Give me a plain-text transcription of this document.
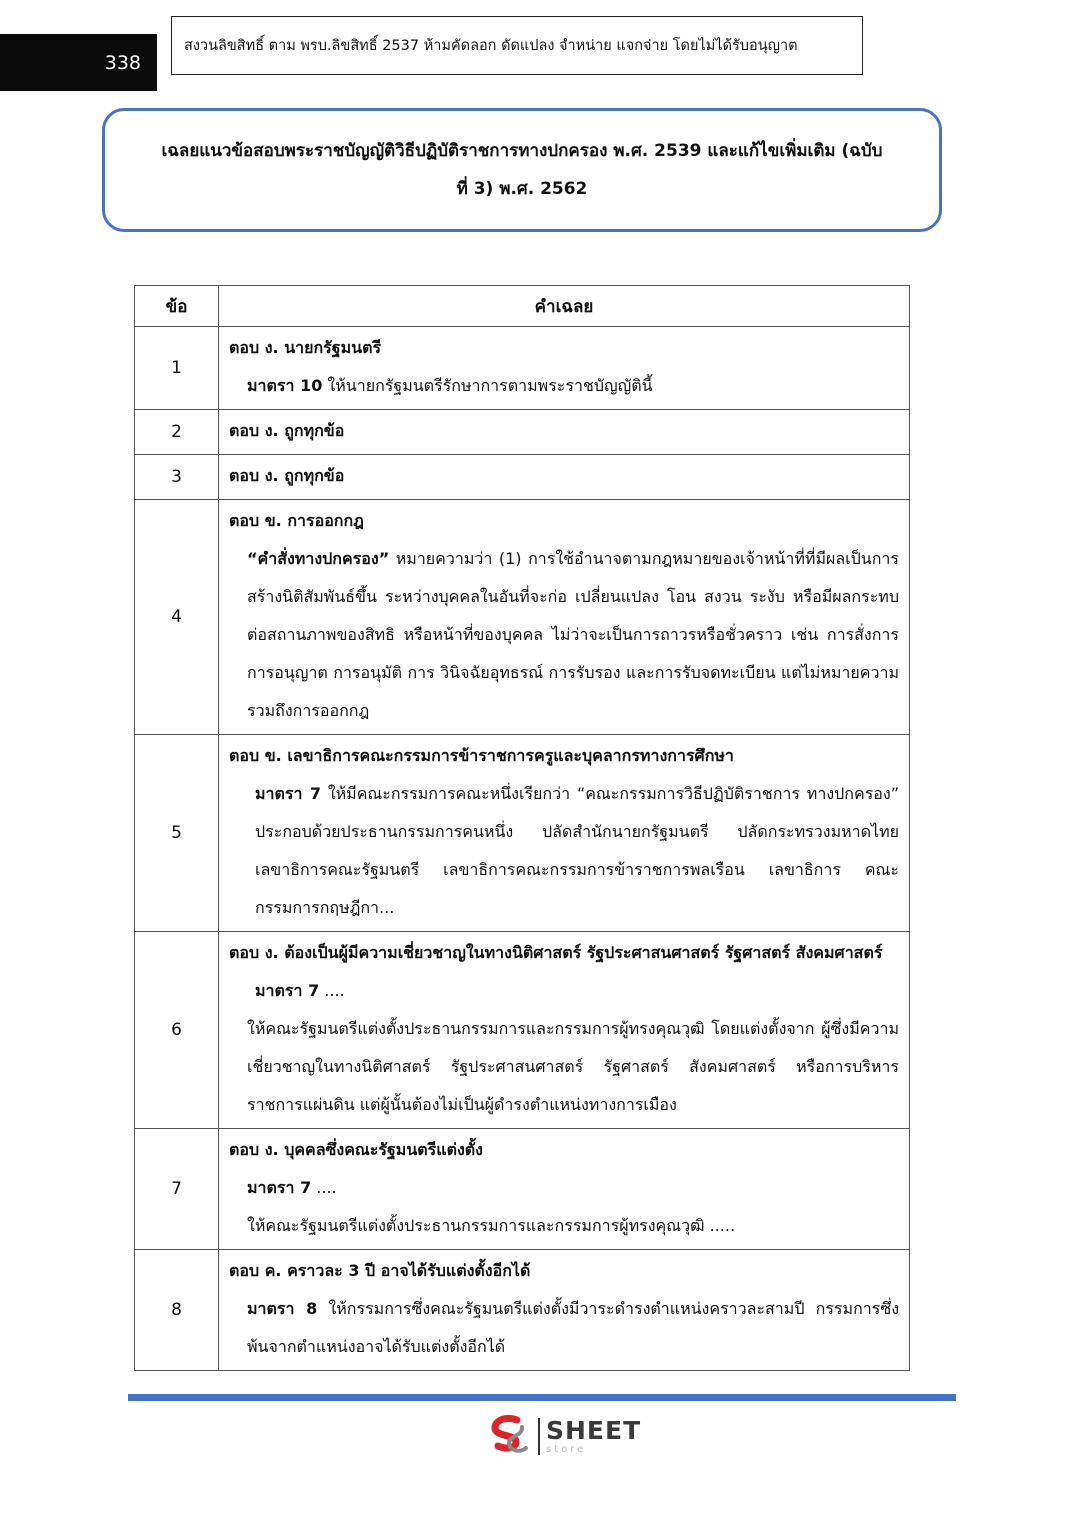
338
สงวนลิขสิทธิ์ ตาม พรบ.ลิขสิทธิ์ 2537 ห้ามคัดลอก ดัดแปลง จำหน่าย แจกจ่าย โดยไม่ได้รับอนุญาต
เฉลยแนวข้อสอบพระราชบัญญัติวิธีปฏิบัติราชการทางปกครอง พ.ศ. 2539 และแก้ไขเพิ่มเติม (ฉบับ
ที่ 3) พ.ศ. 2562
ข้อ	คำเฉลย
1	ตอบ ง. นายกรัฐมนตรี
มาตรา 10 ให้นายกรัฐมนตรีรักษาการตามพระราชบัญญัตินี้

2	ตอบ ง. ถูกทุกข้อ

3	ตอบ ง. ถูกทุกข้อ

4	ตอบ ข. การออกกฎ
“คำสั่งทางปกครอง” หมายความว่า (1) การใช้อำนาจตามกฎหมายของเจ้าหน้าที่ที่มีผลเป็นการสร้างนิติสัมพันธ์ขึ้น ระหว่างบุคคลในอันที่จะก่อ เปลี่ยนแปลง โอน สงวน ระงับ หรือมีผลกระทบต่อสถานภาพของสิทธิ หรือหน้าที่ของบุคคล ไม่ว่าจะเป็นการถาวรหรือชั่วคราว เช่น การสั่งการ การอนุญาต การอนุมัติ การ วินิจฉัยอุทธรณ์ การรับรอง และการรับจดทะเบียน แต่ไม่หมายความรวมถึงการออกกฎ

5	ตอบ ข. เลขาธิการคณะกรรมการข้าราชการครูและบุคลากรทางการศึกษา
มาตรา 7 ให้มีคณะกรรมการคณะหนึ่งเรียกว่า “คณะกรรมการวิธีปฏิบัติราชการ ทางปกครอง” ประกอบด้วยประธานกรรมการคนหนึ่ง ปลัดสำนักนายกรัฐมนตรี ปลัดกระทรวงมหาดไทย เลขาธิการคณะรัฐมนตรี เลขาธิการคณะกรรมการข้าราชการพลเรือน เลขาธิการ คณะกรรมการกฤษฎีกา...

6	ตอบ ง. ต้องเป็นผู้มีความเชี่ยวชาญในทางนิติศาสตร์ รัฐประศาสนศาสตร์ รัฐศาสตร์ สังคมศาสตร์
มาตรา 7 ....
ให้คณะรัฐมนตรีแต่งตั้งประธานกรรมการและกรรมการผู้ทรงคุณวุฒิ โดยแต่งตั้งจาก ผู้ซึ่งมีความเชี่ยวชาญในทางนิติศาสตร์ รัฐประศาสนศาสตร์ รัฐศาสตร์ สังคมศาสตร์ หรือการบริหาร ราชการแผ่นดิน แต่ผู้นั้นต้องไม่เป็นผู้ดำรงตำแหน่งทางการเมือง

7	ตอบ ง. บุคคลซึ่งคณะรัฐมนตรีแต่งตั้ง
มาตรา 7 ....
ให้คณะรัฐมนตรีแต่งตั้งประธานกรรมการและกรรมการผู้ทรงคุณวุฒิ .....

8	ตอบ ค. คราวละ 3 ปี อาจได้รับแต่งตั้งอีกได้
มาตรา 8 ให้กรรมการซึ่งคณะรัฐมนตรีแต่งตั้งมีวาระดำรงตำแหน่งคราวละสามปี กรรมการซึ่งพ้นจากตำแหน่งอาจได้รับแต่งตั้งอีกได้
SHEET
store
